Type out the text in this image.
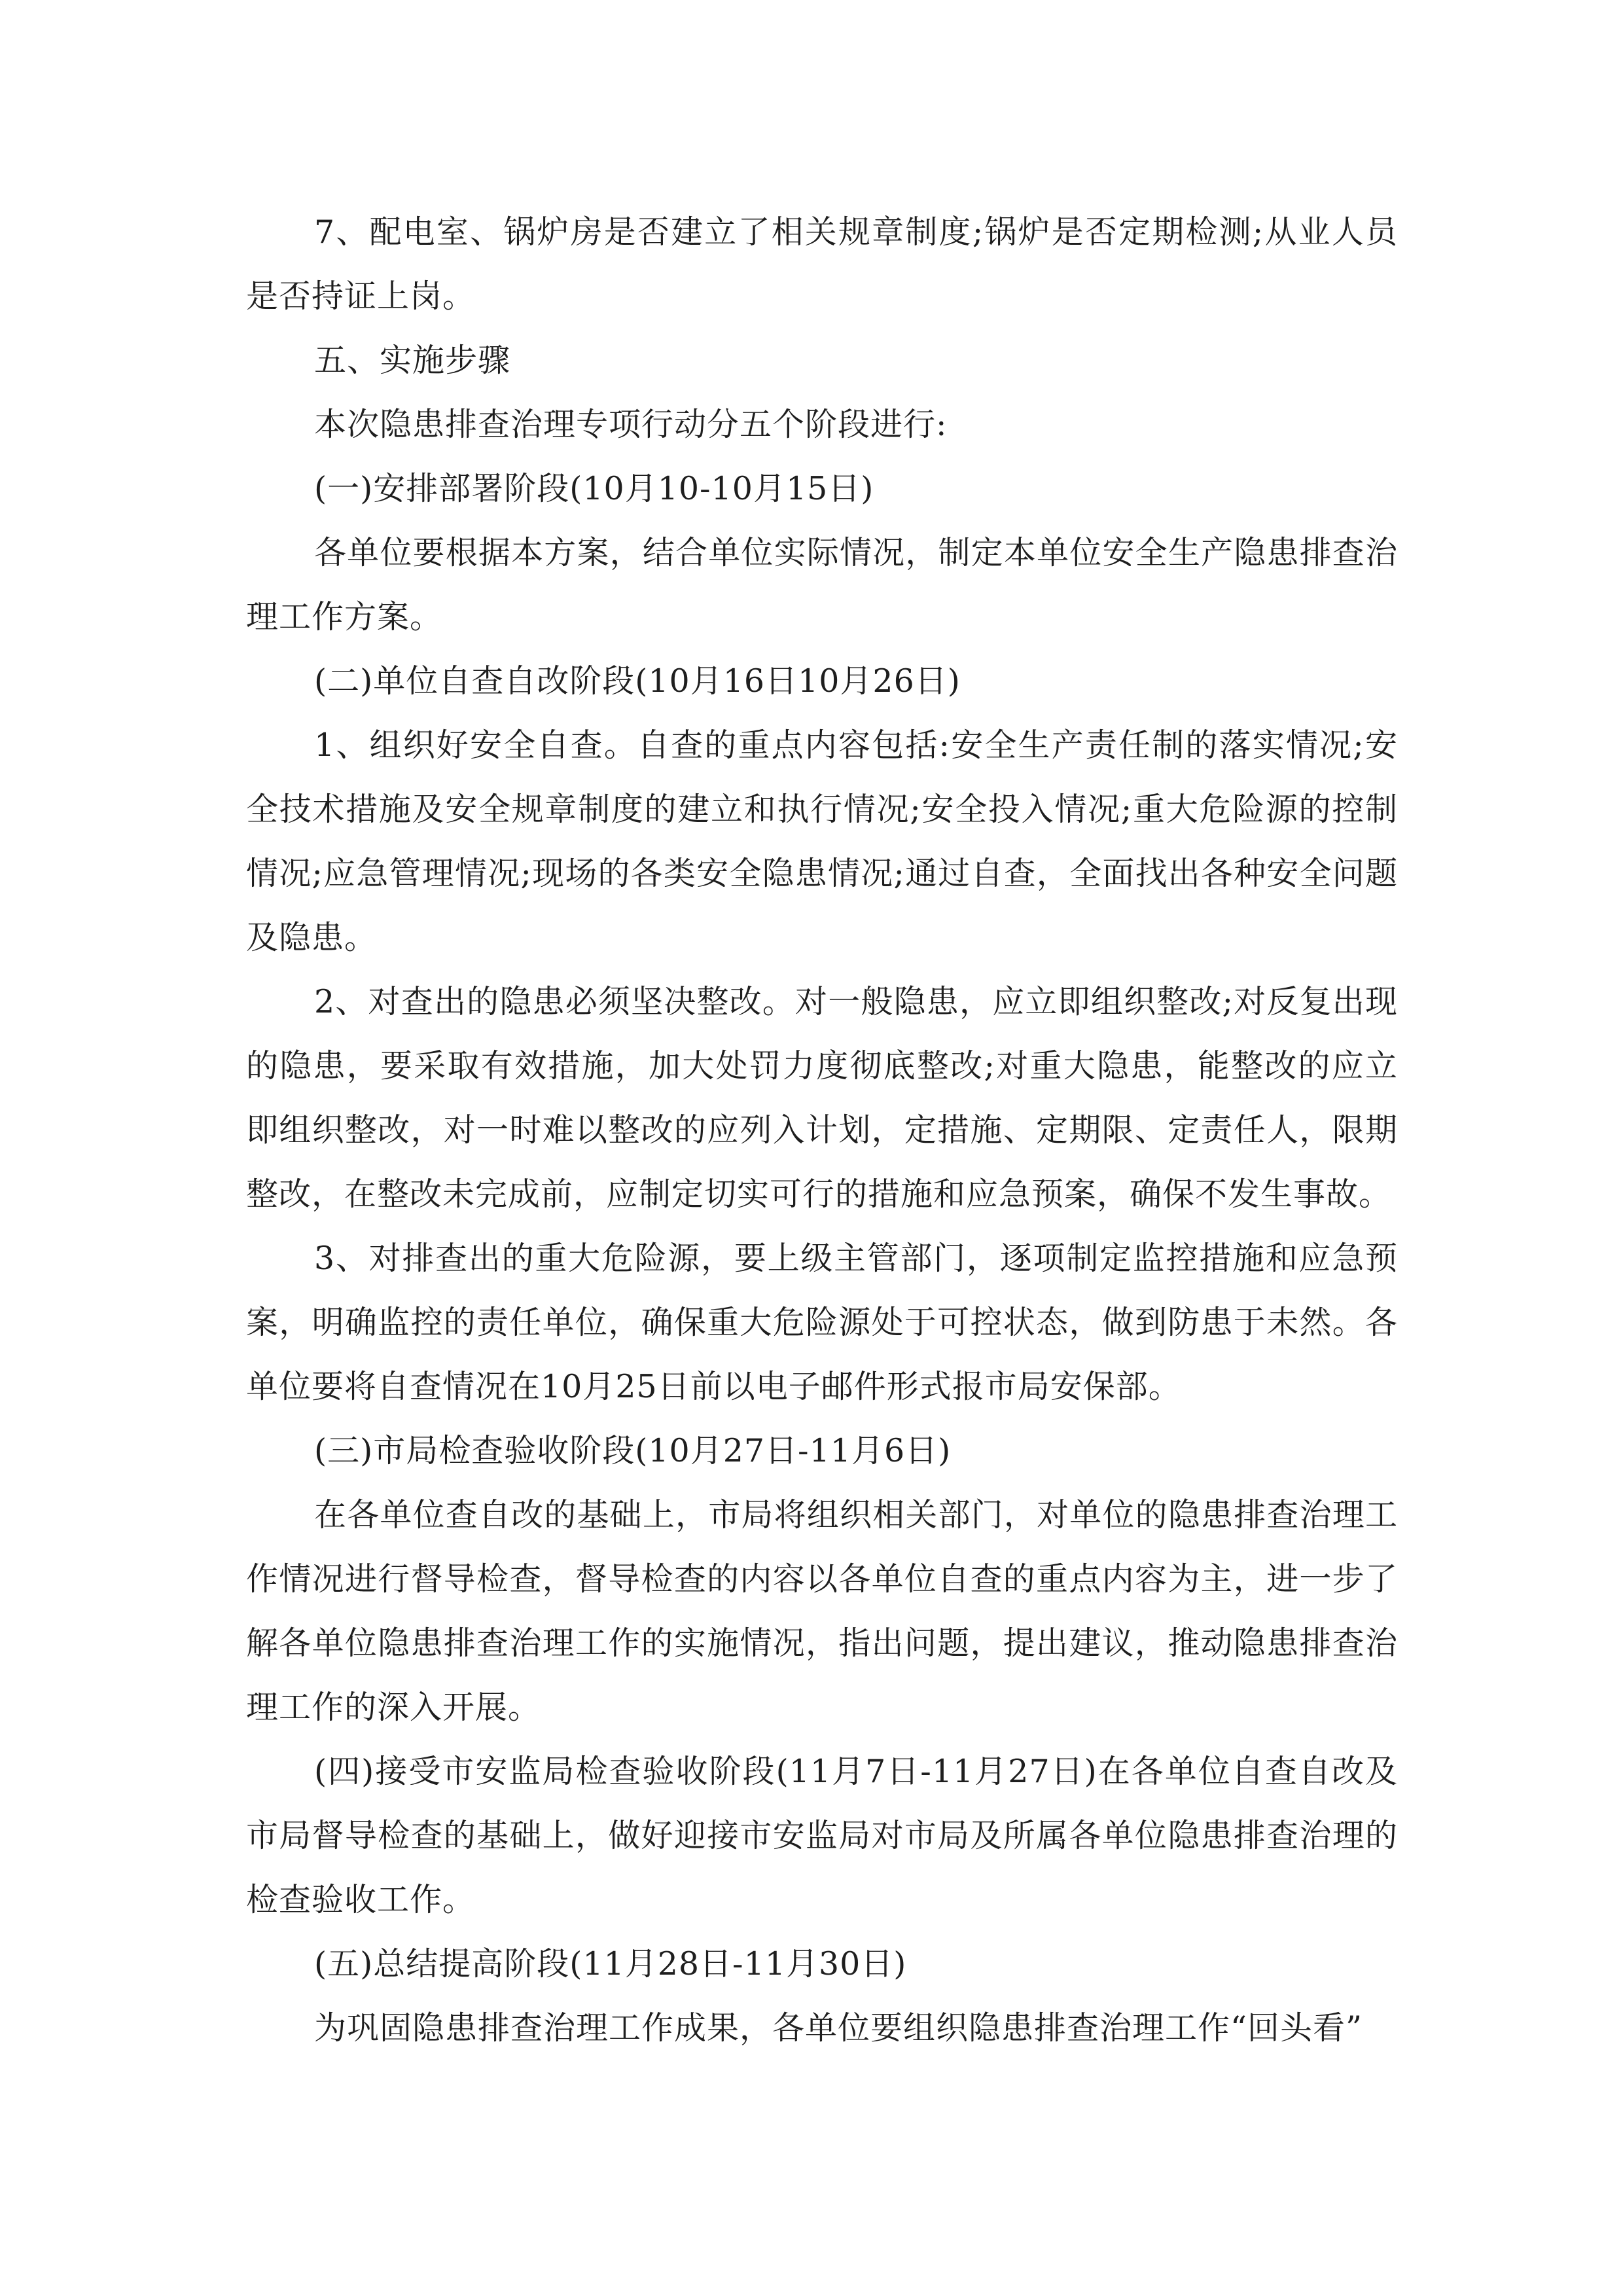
7、配电室、锅炉房是否建立了相关规章制度;锅炉是否定期检测;从业人员是否持证上岗。

五、实施步骤

本次隐患排查治理专项行动分五个阶段进行:

(一)安排部署阶段(10月10-10月15日)

各单位要根据本方案，结合单位实际情况，制定本单位安全生产隐患排查治理工作方案。

(二)单位自查自改阶段(10月16日10月26日)

1、组织好安全自查。自查的重点内容包括:安全生产责任制的落实情况;安全技术措施及安全规章制度的建立和执行情况;安全投入情况;重大危险源的控制情况;应急管理情况;现场的各类安全隐患情况;通过自查，全面找出各种安全问题及隐患。

2、对查出的隐患必须坚决整改。对一般隐患，应立即组织整改;对反复出现的隐患，要采取有效措施，加大处罚力度彻底整改;对重大隐患，能整改的应立即组织整改，对一时难以整改的应列入计划，定措施、定期限、定责任人，限期整改，在整改未完成前，应制定切实可行的措施和应急预案，确保不发生事故。

3、对排查出的重大危险源，要上级主管部门，逐项制定监控措施和应急预案，明确监控的责任单位，确保重大危险源处于可控状态，做到防患于未然。各单位要将自查情况在10月25日前以电子邮件形式报市局安保部。

(三)市局检查验收阶段(10月27日-11月6日)

在各单位查自改的基础上，市局将组织相关部门，对单位的隐患排查治理工作情况进行督导检查，督导检查的内容以各单位自查的重点内容为主，进一步了解各单位隐患排查治理工作的实施情况，指出问题，提出建议，推动隐患排查治理工作的深入开展。

(四)接受市安监局检查验收阶段(11月7日-11月27日)在各单位自查自改及市局督导检查的基础上，做好迎接市安监局对市局及所属各单位隐患排查治理的检查验收工作。

(五)总结提高阶段(11月28日-11月30日)

为巩固隐患排查治理工作成果，各单位要组织隐患排查治理工作“回头看”
